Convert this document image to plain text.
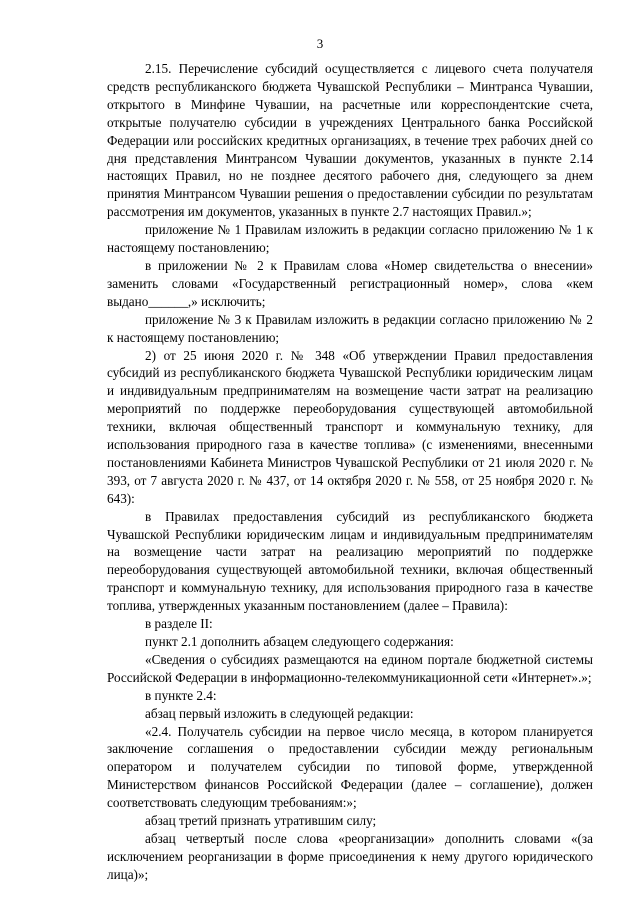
3

2.15. Перечисление субсидий осуществляется с лицевого счета получателя средств республиканского бюджета Чувашской Республики – Минтранса Чувашии, открытого в Минфине Чувашии, на расчетные или корреспондентские счета, открытые получателю субсидии в учреждениях Центрального банка Российской Федерации или российских кредитных организациях, в течение трех рабочих дней со дня представления Минтрансом Чувашии документов, указанных в пункте 2.14 настоящих Правил, но не позднее десятого рабочего дня, следующего за днем принятия Минтрансом Чувашии решения о предоставлении субсидии по результатам рассмотрения им документов, указанных в пункте 2.7 настоящих Правил.»;

приложение № 1 Правилам изложить в редакции согласно приложению № 1 к настоящему постановлению;

в приложении № 2 к Правилам слова «Номер свидетельства о внесении» заменить словами «Государственный регистрационный номер», слова «кем выдано______,» исключить;

приложение № 3 к Правилам изложить в редакции согласно приложению № 2 к настоящему постановлению;

2) от 25 июня 2020 г. № 348 «Об утверждении Правил предоставления субсидий из республиканского бюджета Чувашской Республики юридическим лицам и индивидуальным предпринимателям на возмещение части затрат на реализацию мероприятий по поддержке переоборудования существующей автомобильной техники, включая общественный транспорт и коммунальную технику, для использования природного газа в качестве топлива» (с изменениями, внесенными постановлениями Кабинета Министров Чувашской Республики от 21 июля 2020 г. № 393, от 7 августа 2020 г. № 437, от 14 октября 2020 г. № 558, от 25 ноября 2020 г. № 643):

в Правилах предоставления субсидий из республиканского бюджета Чувашской Республики юридическим лицам и индивидуальным предпринимателям на возмещение части затрат на реализацию мероприятий по поддержке переоборудования существующей автомобильной техники, включая общественный транспорт и коммунальную технику, для использования природного газа в качестве топлива, утвержденных указанным постановлением (далее – Правила):

в разделе II:

пункт 2.1 дополнить абзацем следующего содержания:

«Сведения о субсидиях размещаются на едином портале бюджетной системы Российской Федерации в информационно-телекоммуникационной сети «Интернет».»;

в пункте 2.4:

абзац первый изложить в следующей редакции:

«2.4. Получатель субсидии на первое число месяца, в котором планируется заключение соглашения о предоставлении субсидии между региональным оператором и получателем субсидии по типовой форме, утвержденной Министерством финансов Российской Федерации (далее – соглашение), должен соответствовать следующим требованиям:»;

абзац третий признать утратившим силу;

абзац четвертый после слова «реорганизации» дополнить словами «(за исключением реорганизации в форме присоединения к нему другого юридического лица)»;
